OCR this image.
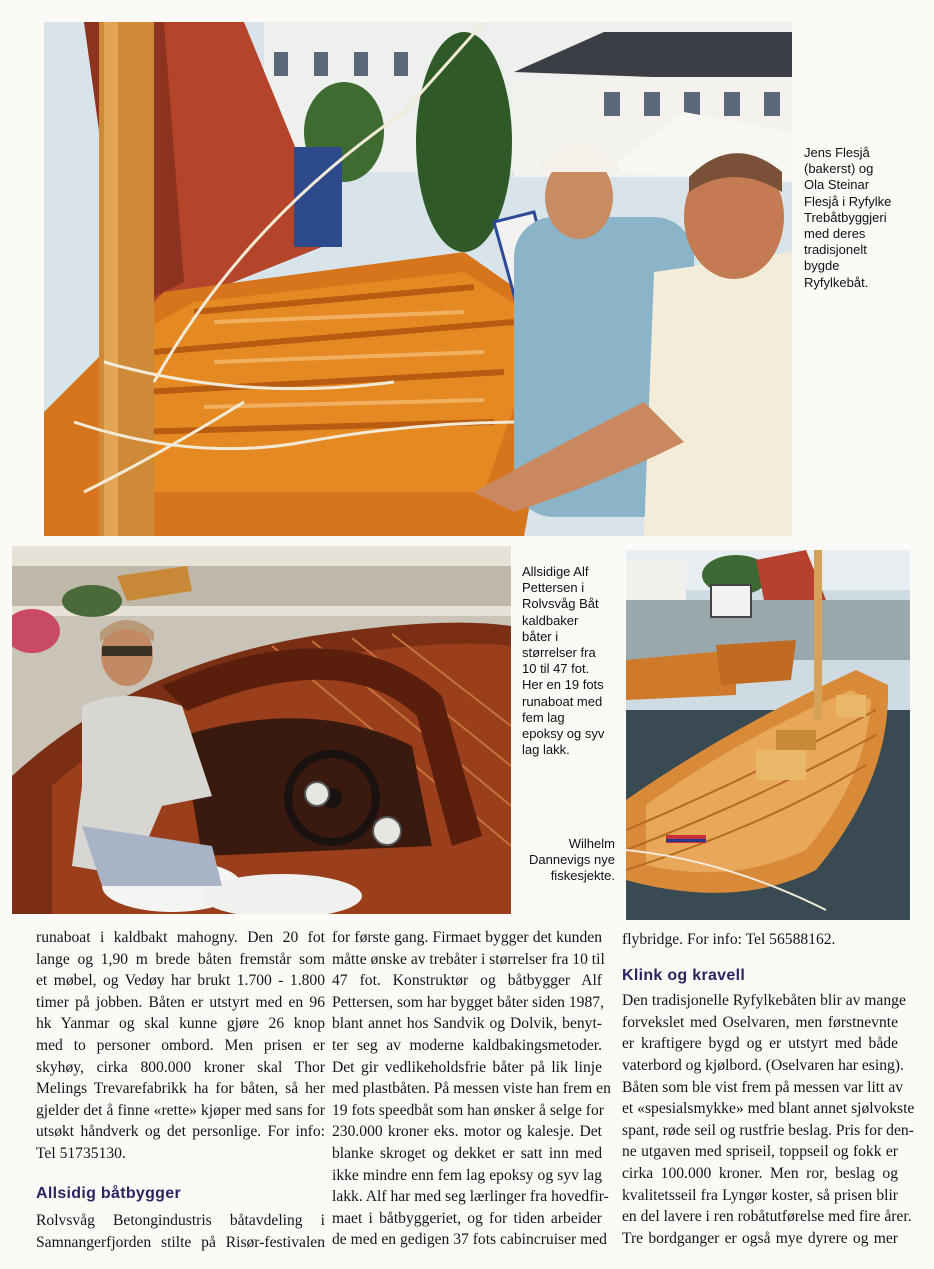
Jens Flesjå
(bakerst) og
Ola Steinar
Flesjå i Ryfylke
Trebåtbyggjeri
med deres
tradisjonelt
bygde
Ryfylkebåt.
Allsidige Alf
Pettersen i
Rolvsvåg Båt
kaldbaker
båter i
størrelser fra
10 til 47 fot.
Her en 19 fots
runaboat med
fem lag
epoksy og syv
lag lakk.
Wilhelm
Dannevigs nye
fiskesjekte.
runaboat i kaldbakt mahogny. Den 20 fot
lange og 1,90 m brede båten fremstår som
et møbel, og Vedøy har brukt 1.700 - 1.800
timer på jobben. Båten er utstyrt med en 96
hk Yanmar og skal kunne gjøre 26 knop
med to personer ombord. Men prisen er
skyhøy, cirka 800.000 kroner skal Thor
Melings Trevarefabrikk ha for båten, så her
gjelder det å finne «rette» kjøper med sans for
utsøkt håndverk og det personlige. For info:
Tel 51735130.
Allsidig båtbygger
Rolvsvåg Betongindustris båtavdeling i
Samnangerfjorden stilte på Risør-festivalen
for første gang. Firmaet bygger det kunden
måtte ønske av trebåter i størrelser fra 10 til
47 fot. Konstruktør og båtbygger Alf
Pettersen, som har bygget båter siden 1987,
blant annet hos Sandvik og Dolvik, benyt-
ter seg av moderne kaldbakingsmetoder.
Det gir vedlikeholdsfrie båter på lik linje
med plastbåten. På messen viste han frem en
19 fots speedbåt som han ønsker å selge for
230.000 kroner eks. motor og kalesje. Det
blanke skroget og dekket er satt inn med
ikke mindre enn fem lag epoksy og syv lag
lakk. Alf har med seg lærlinger fra hovedfir-
maet i båtbyggeriet, og for tiden arbeider
de med en gedigen 37 fots cabincruiser med
flybridge. For info: Tel 56588162.
Klink og kravell
Den tradisjonelle Ryfylkebåten blir av mange
forvekslet med Oselvaren, men førstnevnte
er kraftigere bygd og er utstyrt med både
vaterbord og kjølbord. (Oselvaren har esing).
Båten som ble vist frem på messen var litt av
et «spesialsmykke» med blant annet sjølvokste
spant, røde seil og rustfrie beslag. Pris for den-
ne utgaven med spriseil, toppseil og fokk er
cirka 100.000 kroner. Men ror, beslag og
kvalitetsseil fra Lyngør koster, så prisen blir
en del lavere i ren robåtutførelse med fire årer.
Tre bordganger er også mye dyrere og mer
